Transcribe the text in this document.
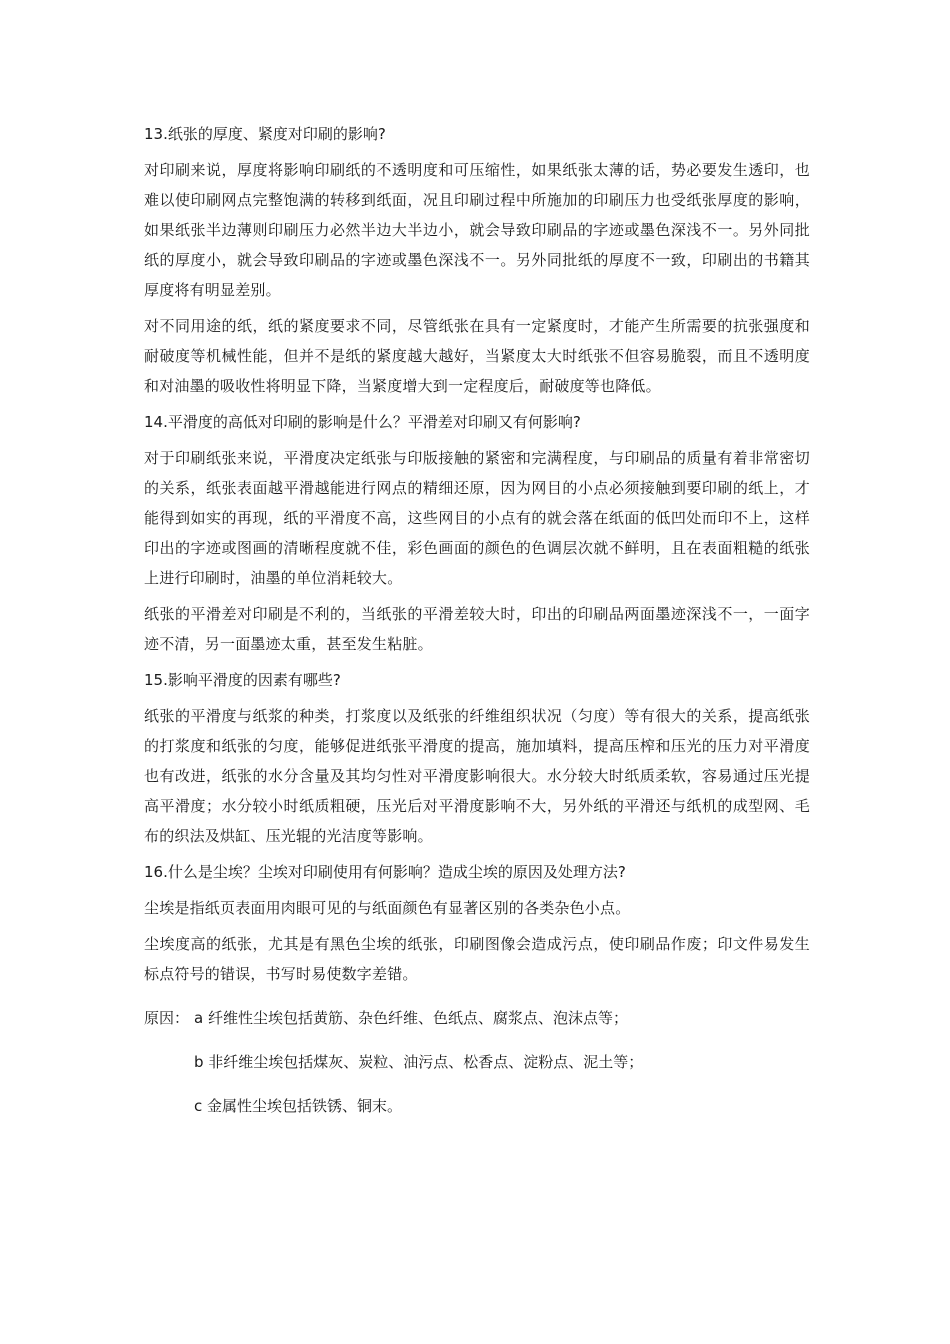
13.纸张的厚度、紧度对印刷的影响?

对印刷来说，厚度将影响印刷纸的不透明度和可压缩性，如果纸张太薄的话，势必要发生透印，也难以使印刷网点完整饱满的转移到纸面，况且印刷过程中所施加的印刷压力也受纸张厚度的影响，如果纸张半边薄则印刷压力必然半边大半边小，就会导致印刷品的字迹或墨色深浅不一。另外同批纸的厚度小，就会导致印刷品的字迹或墨色深浅不一。另外同批纸的厚度不一致，印刷出的书籍其厚度将有明显差别。

对不同用途的纸，纸的紧度要求不同，尽管纸张在具有一定紧度时，才能产生所需要的抗张强度和耐破度等机械性能，但并不是纸的紧度越大越好，当紧度太大时纸张不但容易脆裂，而且不透明度和对油墨的吸收性将明显下降，当紧度增大到一定程度后，耐破度等也降低。

14.平滑度的高低对印刷的影响是什么？平滑差对印刷又有何影响?

对于印刷纸张来说，平滑度决定纸张与印版接触的紧密和完满程度，与印刷品的质量有着非常密切的关系，纸张表面越平滑越能进行网点的精细还原，因为网目的小点必须接触到要印刷的纸上，才能得到如实的再现，纸的平滑度不高，这些网目的小点有的就会落在纸面的低凹处而印不上，这样印出的字迹或图画的清晰程度就不佳，彩色画面的颜色的色调层次就不鲜明，且在表面粗糙的纸张上进行印刷时，油墨的单位消耗较大。

纸张的平滑差对印刷是不利的，当纸张的平滑差较大时，印出的印刷品两面墨迹深浅不一，一面字迹不清，另一面墨迹太重，甚至发生粘脏。

15.影响平滑度的因素有哪些?

纸张的平滑度与纸浆的种类，打浆度以及纸张的纤维组织状况（匀度）等有很大的关系，提高纸张的打浆度和纸张的匀度，能够促进纸张平滑度的提高，施加填料，提高压榨和压光的压力对平滑度也有改进，纸张的水分含量及其均匀性对平滑度影响很大。水分较大时纸质柔软，容易通过压光提高平滑度；水分较小时纸质粗硬，压光后对平滑度影响不大，另外纸的平滑还与纸机的成型网、毛布的织法及烘缸、压光辊的光洁度等影响。

16.什么是尘埃？尘埃对印刷使用有何影响？造成尘埃的原因及处理方法?

尘埃是指纸页表面用肉眼可见的与纸面颜色有显著区别的各类杂色小点。

尘埃度高的纸张，尤其是有黑色尘埃的纸张，印刷图像会造成污点，使印刷品作废；印文件易发生标点符号的错误，书写时易使数字差错。

原因： a 纤维性尘埃包括黄筋、杂色纤维、色纸点、腐浆点、泡沫点等；
b 非纤维尘埃包括煤灰、炭粒、油污点、松香点、淀粉点、泥土等；
c 金属性尘埃包括铁锈、铜末。
